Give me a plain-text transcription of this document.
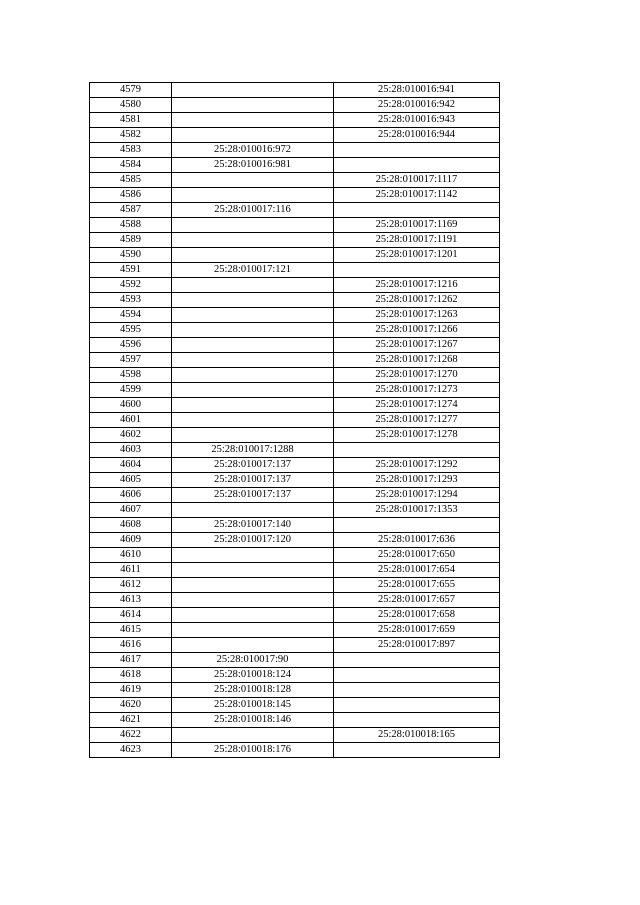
4579		25:28:010016:941
4580		25:28:010016:942
4581		25:28:010016:943
4582		25:28:010016:944
4583	25:28:010016:972	
4584	25:28:010016:981	
4585		25:28:010017:1117
4586		25:28:010017:1142
4587	25:28:010017:116	
4588		25:28:010017:1169
4589		25:28:010017:1191
4590		25:28:010017:1201
4591	25:28:010017:121	
4592		25:28:010017:1216
4593		25:28:010017:1262
4594		25:28:010017:1263
4595		25:28:010017:1266
4596		25:28:010017:1267
4597		25:28:010017:1268
4598		25:28:010017:1270
4599		25:28:010017:1273
4600		25:28:010017:1274
4601		25:28:010017:1277
4602		25:28:010017:1278
4603	25:28:010017:1288	
4604	25:28:010017:137	25:28:010017:1292
4605	25:28:010017:137	25:28:010017:1293
4606	25:28:010017:137	25:28:010017:1294
4607		25:28:010017:1353
4608	25:28:010017:140	
4609	25:28:010017:120	25:28:010017:636
4610		25:28:010017:650
4611		25:28:010017:654
4612		25:28:010017:655
4613		25:28:010017:657
4614		25:28:010017:658
4615		25:28:010017:659
4616		25:28:010017:897
4617	25:28:010017:90	
4618	25:28:010018:124	
4619	25:28:010018:128	
4620	25:28:010018:145	
4621	25:28:010018:146	
4622		25:28:010018:165
4623	25:28:010018:176	
